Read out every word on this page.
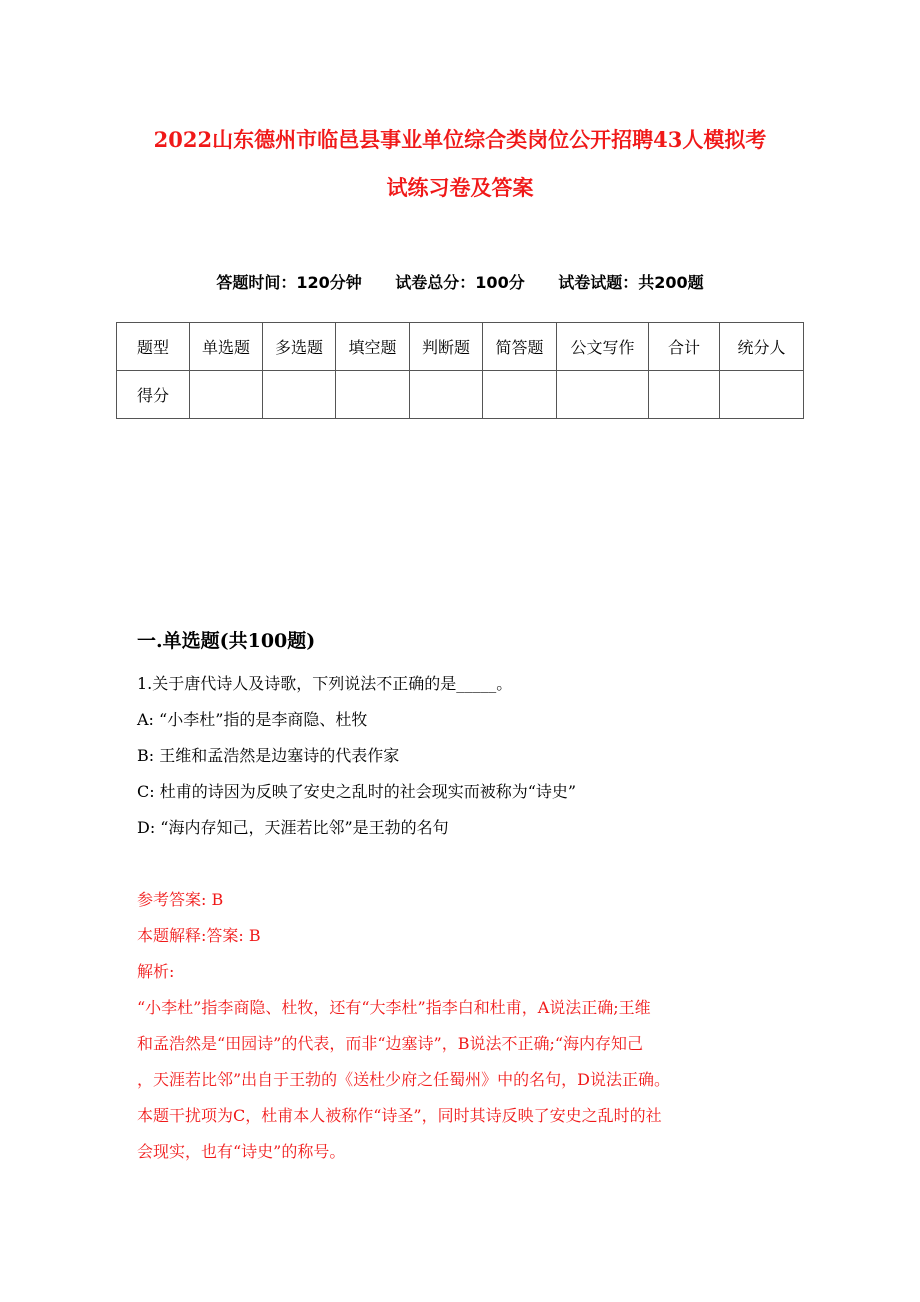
2022山东德州市临邑县事业单位综合类岗位公开招聘43人模拟考
试练习卷及答案
答题时间：120分钟 试卷总分：100分 试卷试题：共200题
题型	单选题	多选题	填空题	判断题	简答题	公文写作	合计	统分人
得分								
一.单选题(共100题)
1.关于唐代诗人及诗歌，下列说法不正确的是_____。
A: “小李杜”指的是李商隐、杜牧
B: 王维和孟浩然是边塞诗的代表作家
C: 杜甫的诗因为反映了安史之乱时的社会现实而被称为“诗史”
D: “海内存知己，天涯若比邻”是王勃的名句
参考答案: B
本题解释:答案: B
解析:
“小李杜”指李商隐、杜牧，还有“大李杜”指李白和杜甫，A说法正确;王维
和孟浩然是“田园诗”的代表，而非“边塞诗”，B说法不正确;“海内存知己
，天涯若比邻”出自于王勃的《送杜少府之任蜀州》中的名句，D说法正确。
本题干扰项为C，杜甫本人被称作“诗圣”，同时其诗反映了安史之乱时的社
会现实，也有“诗史”的称号。
